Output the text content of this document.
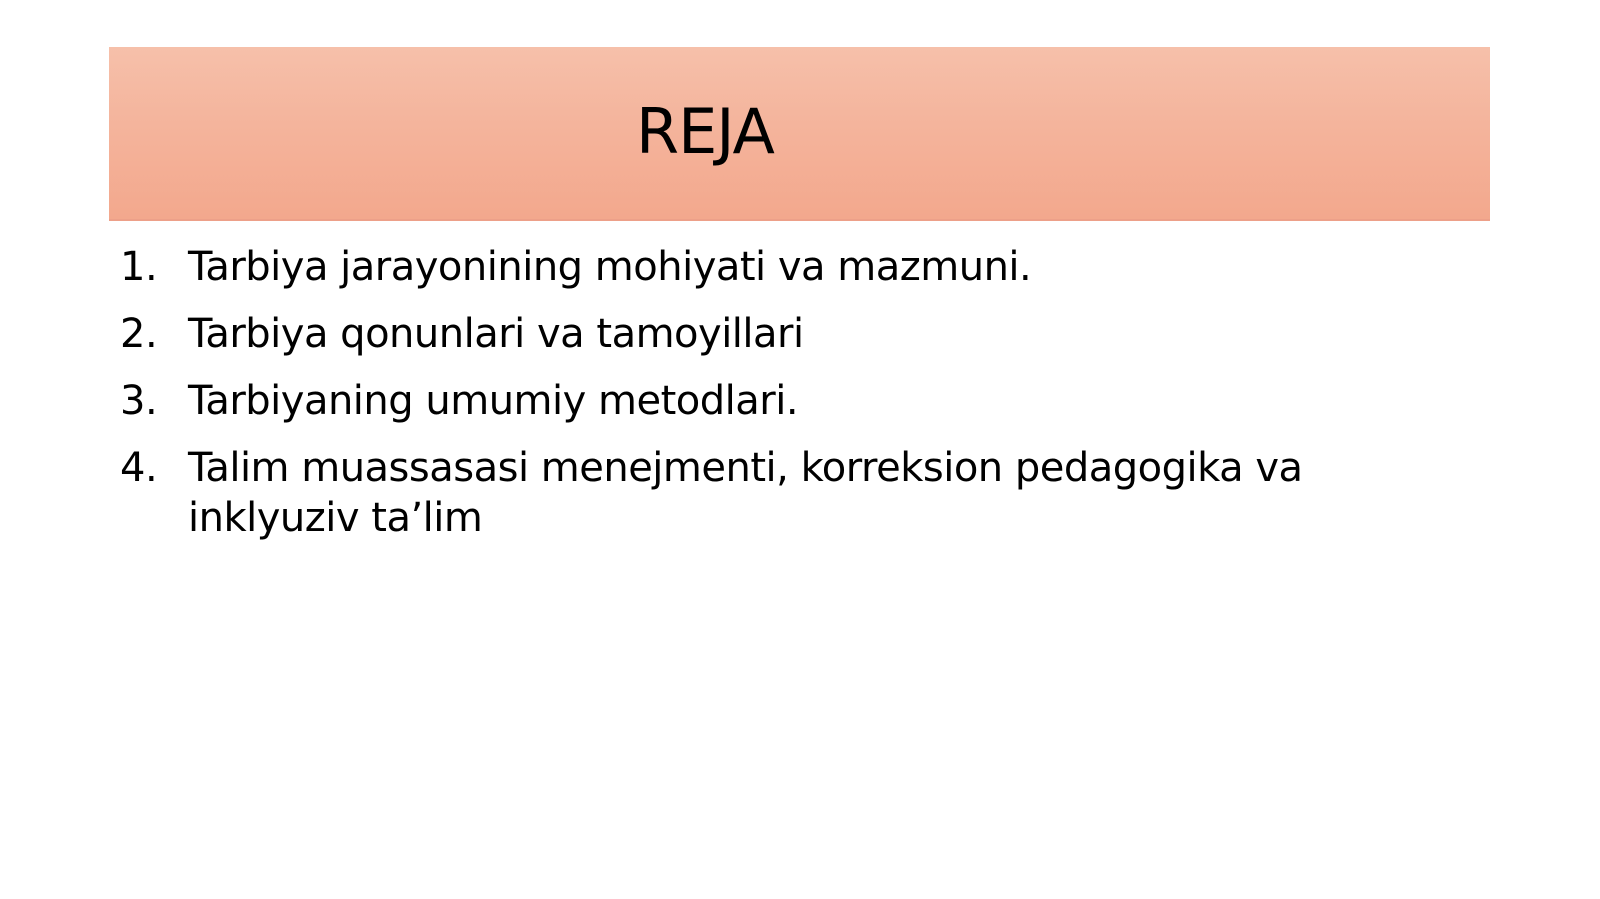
REJA
1. Tarbiya jarayonining mohiyati va mazmuni.
2. Tarbiya qonunlari va tamoyillari
3. Tarbiyaning umumiy metodlari.
4. Talim muassasasi menejmenti, korreksion pedagogika va inklyuziv ta’lim
